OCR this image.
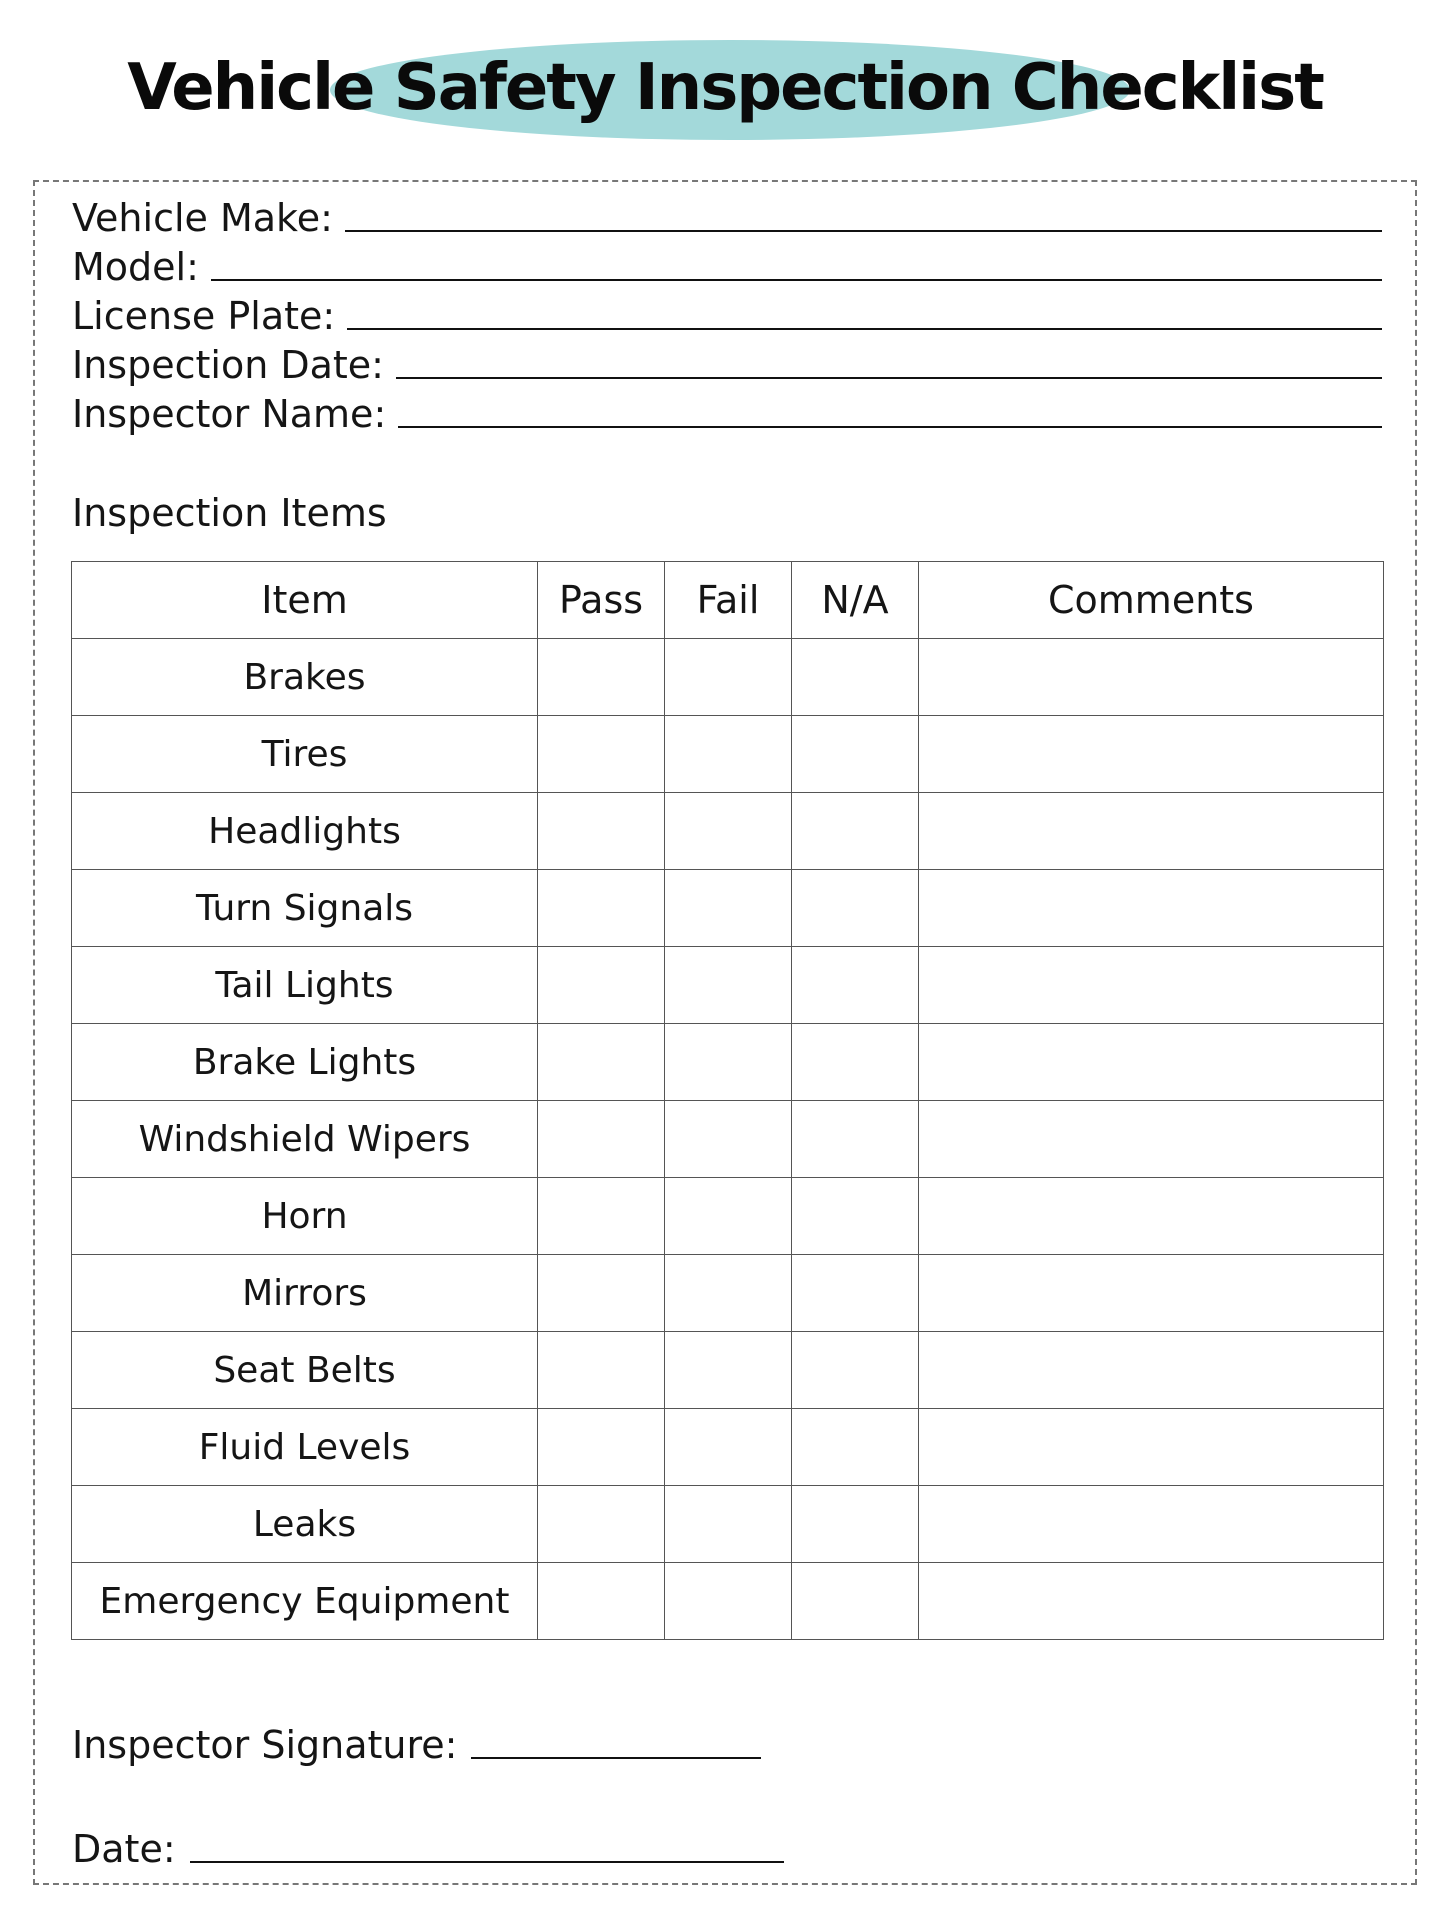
Vehicle Safety Inspection Checklist
Vehicle Make:
Model:
License Plate:
Inspection Date:
Inspector Name:
Inspection Items
Item	Pass	Fail	N/A	Comments
Brakes				
Tires				
Headlights				
Turn Signals				
Tail Lights				
Brake Lights				
Windshield Wipers				
Horn				
Mirrors				
Seat Belts				
Fluid Levels				
Leaks				
Emergency Equipment				
Inspector Signature:
Date:
